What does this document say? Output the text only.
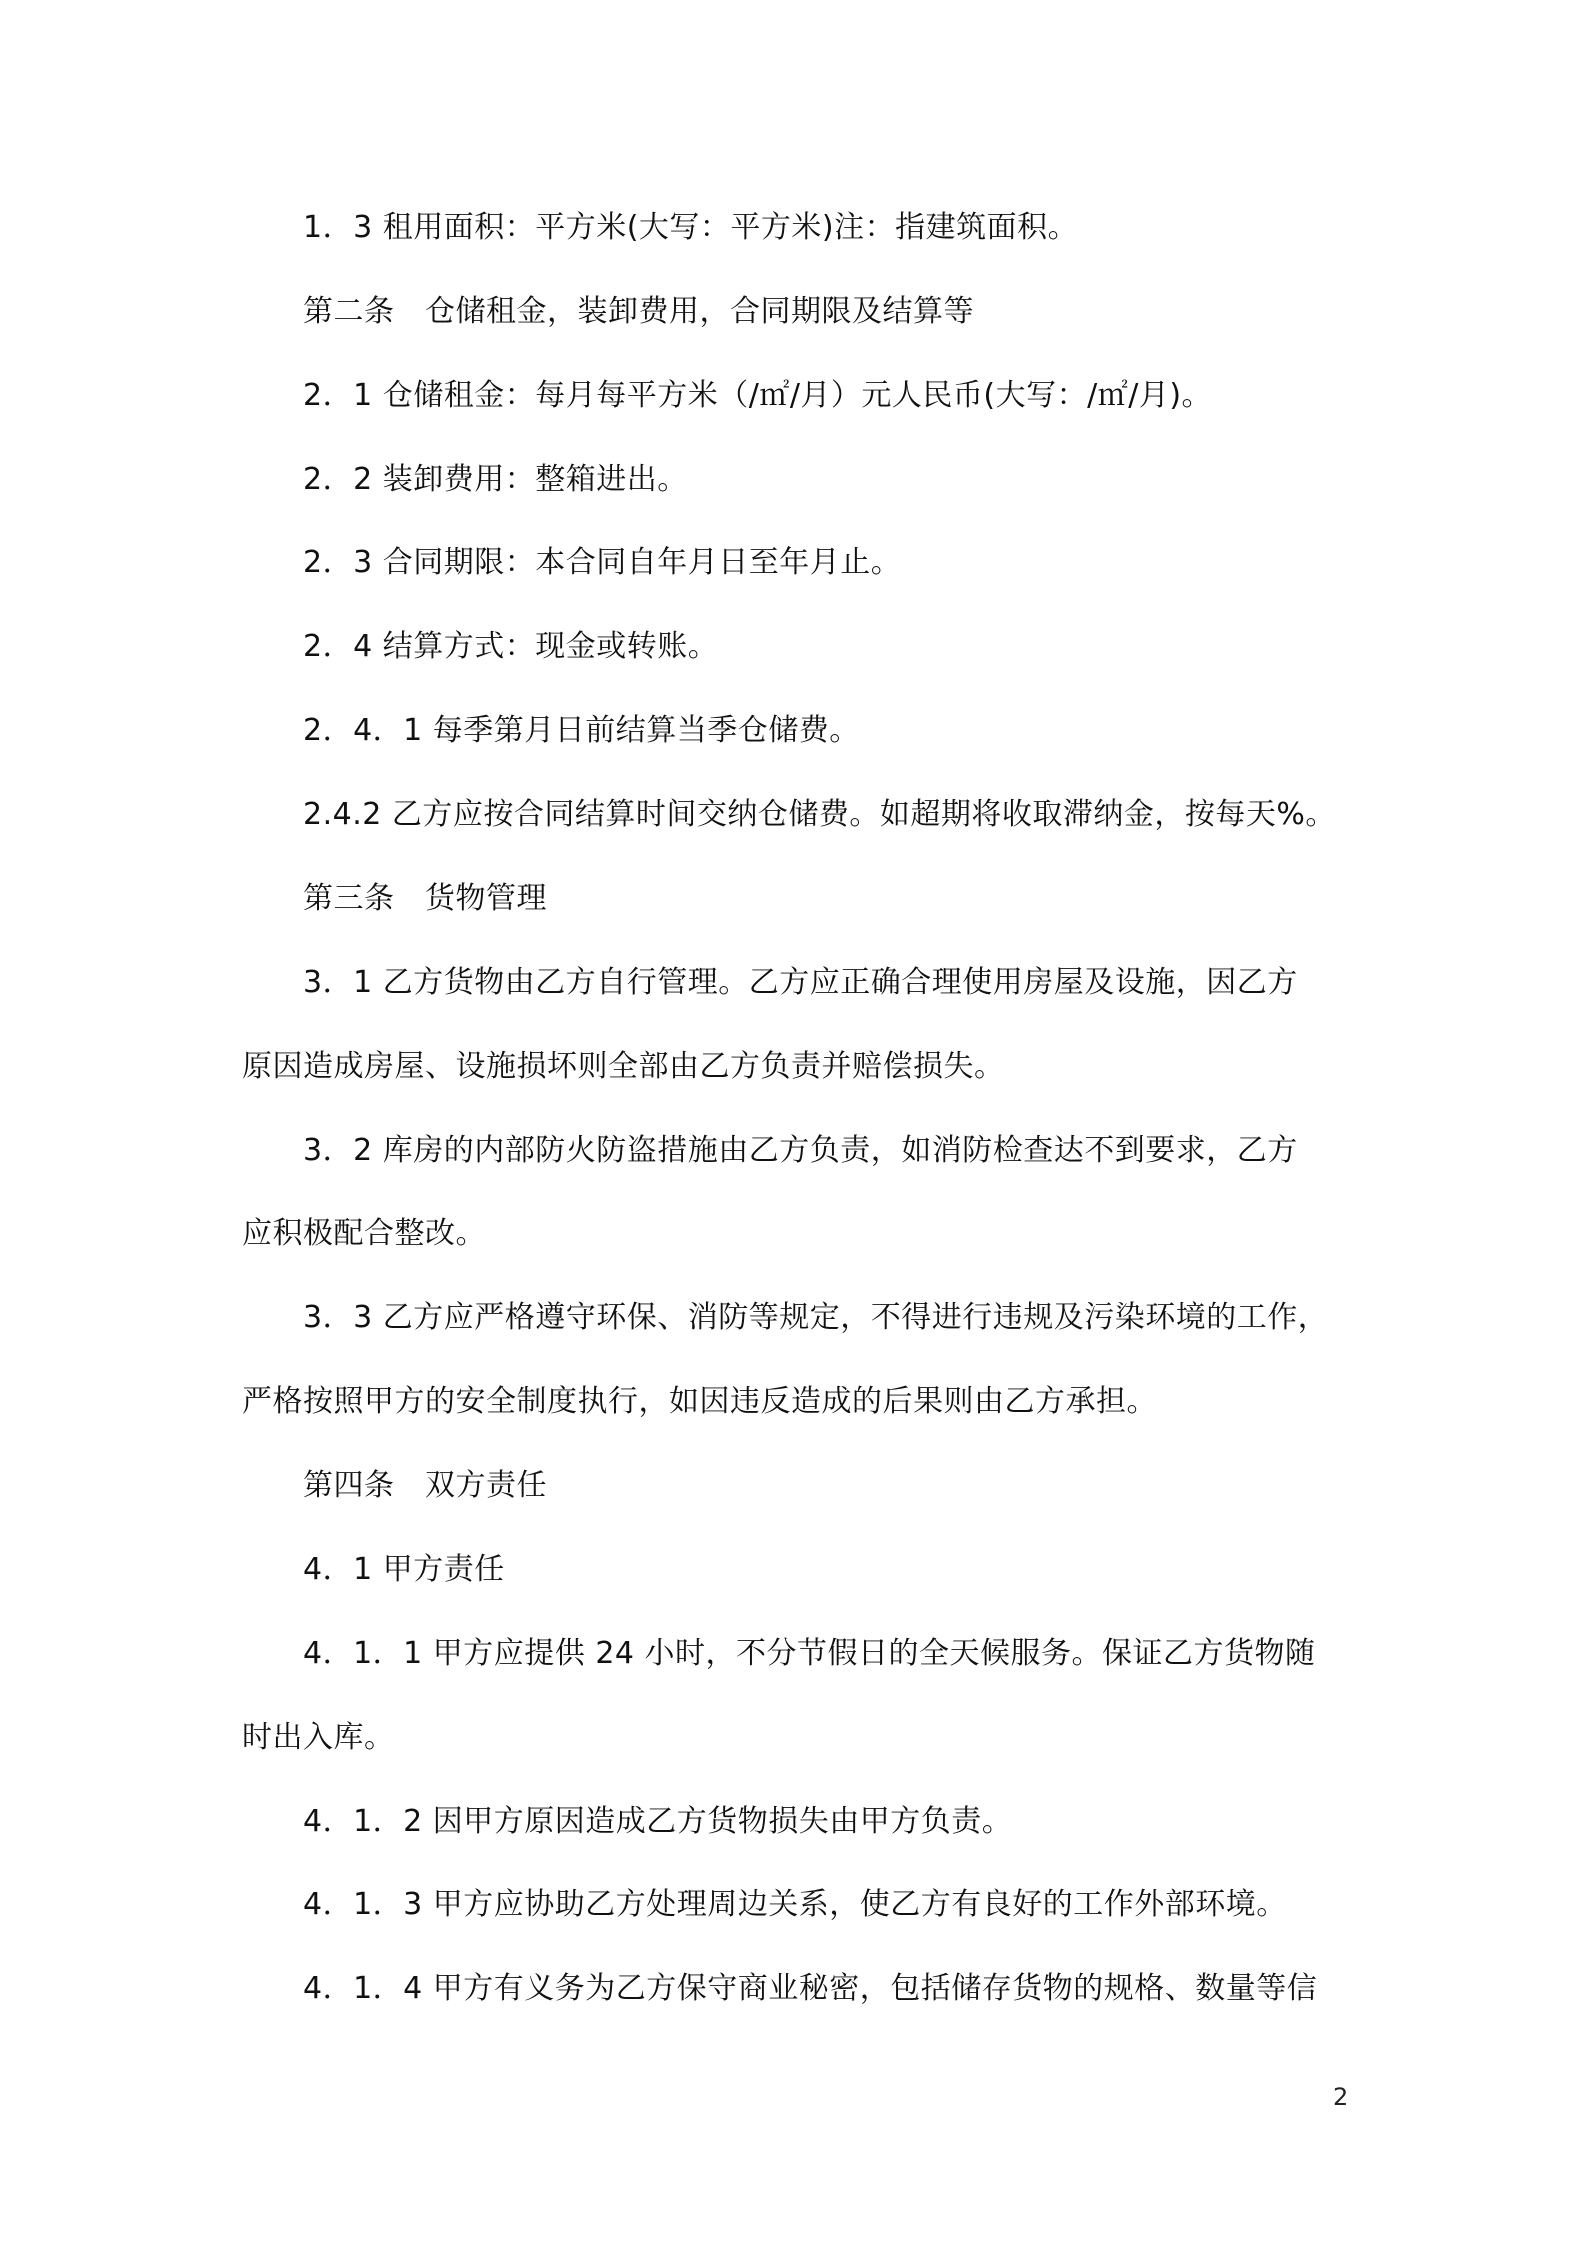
1．3 租用面积：平方米(大写：平方米)注：指建筑面积。
第二条　仓储租金，装卸费用，合同期限及结算等
2．1 仓储租金：每月每平方米（/㎡/月）元人民币(大写：/㎡/月)。
2．2 装卸费用：整箱进出。
2．3 合同期限：本合同自年月日至年月止。
2．4 结算方式：现金或转账。
2．4．1 每季第月日前结算当季仓储费。
2.4.2 乙方应按合同结算时间交纳仓储费。如超期将收取滞纳金，按每天%。
第三条　货物管理
3．1 乙方货物由乙方自行管理。乙方应正确合理使用房屋及设施，因乙方
原因造成房屋、设施损坏则全部由乙方负责并赔偿损失。
3．2 库房的内部防火防盗措施由乙方负责，如消防检查达不到要求，乙方
应积极配合整改。
3．3 乙方应严格遵守环保、消防等规定，不得进行违规及污染环境的工作，
严格按照甲方的安全制度执行，如因违反造成的后果则由乙方承担。
第四条　双方责任
4．1 甲方责任
4．1．1 甲方应提供 24 小时，不分节假日的全天候服务。保证乙方货物随
时出入库。
4．1．2 因甲方原因造成乙方货物损失由甲方负责。
4．1．3 甲方应协助乙方处理周边关系，使乙方有良好的工作外部环境。
4．1．4 甲方有义务为乙方保守商业秘密，包括储存货物的规格、数量等信
2
